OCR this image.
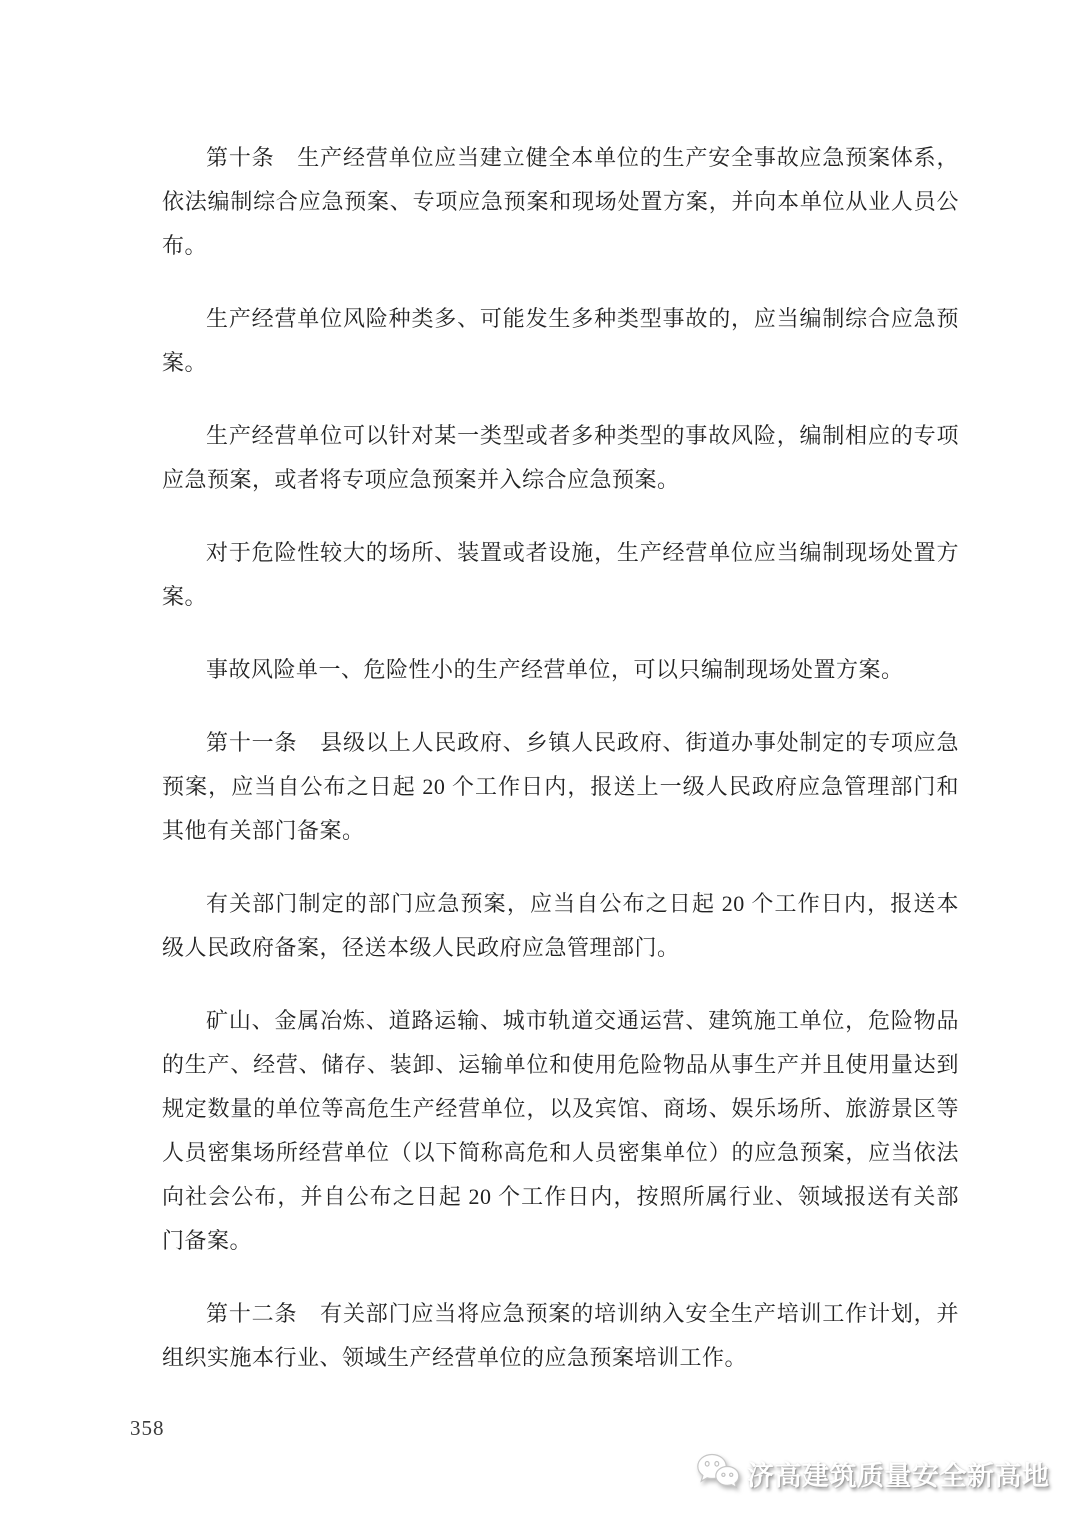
第十条　生产经营单位应当建立健全本单位的生产安全事故应急预案体系，依法编制综合应急预案、专项应急预案和现场处置方案，并向本单位从业人员公布。

生产经营单位风险种类多、可能发生多种类型事故的，应当编制综合应急预案。

生产经营单位可以针对某一类型或者多种类型的事故风险，编制相应的专项应急预案，或者将专项应急预案并入综合应急预案。

对于危险性较大的场所、装置或者设施，生产经营单位应当编制现场处置方案。

事故风险单一、危险性小的生产经营单位，可以只编制现场处置方案。

第十一条　县级以上人民政府、乡镇人民政府、街道办事处制定的专项应急预案，应当自公布之日起 20 个工作日内，报送上一级人民政府应急管理部门和其他有关部门备案。

有关部门制定的部门应急预案，应当自公布之日起 20 个工作日内，报送本级人民政府备案，径送本级人民政府应急管理部门。

矿山、金属冶炼、道路运输、城市轨道交通运营、建筑施工单位，危险物品的生产、经营、储存、装卸、运输单位和使用危险物品从事生产并且使用量达到规定数量的单位等高危生产经营单位，以及宾馆、商场、娱乐场所、旅游景区等人员密集场所经营单位（以下简称高危和人员密集单位）的应急预案，应当依法向社会公布，并自公布之日起 20 个工作日内，按照所属行业、领域报送有关部门备案。

第十二条　有关部门应当将应急预案的培训纳入安全生产培训工作计划，并组织实施本行业、领域生产经营单位的应急预案培训工作。

358
济高建筑质量安全新高地
